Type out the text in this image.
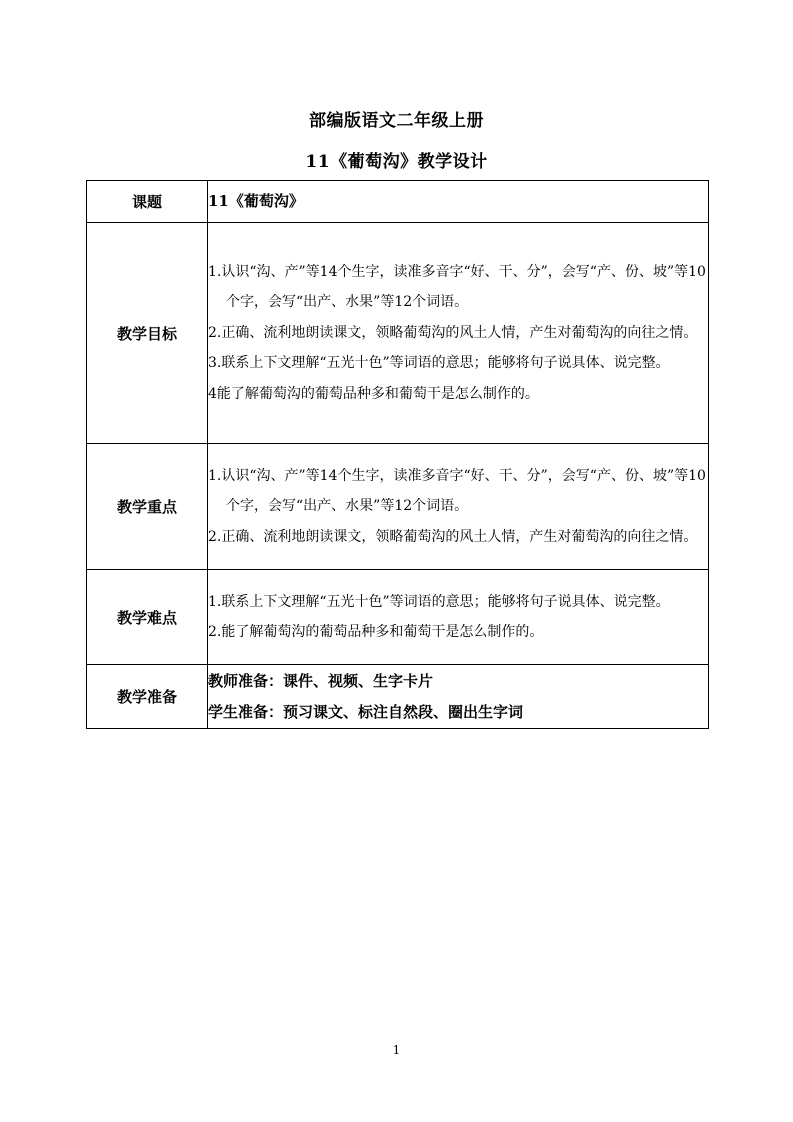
部编版语文二年级上册
11《葡萄沟》教学设计
课题	11《葡萄沟》
教学目标	1.认识“沟、产”等14个生字，读准多音字“好、干、分”，会写“产、份、坡”等10个字，会写“出产、水果”等12个词语。
2.正确、流利地朗读课文，领略葡萄沟的风土人情，产生对葡萄沟的向往之情。
3.联系上下文理解“五光十色”等词语的意思；能够将句子说具体、说完整。
4能了解葡萄沟的葡萄品种多和葡萄干是怎么制作的。

教学重点	1.认识“沟、产”等14个生字，读准多音字“好、干、分”，会写“产、份、坡”等10个字，会写“出产、水果”等12个词语。
2.正确、流利地朗读课文，领略葡萄沟的风土人情，产生对葡萄沟的向往之情。

教学难点	1.联系上下文理解“五光十色”等词语的意思；能够将句子说具体、说完整。
2.能了解葡萄沟的葡萄品种多和葡萄干是怎么制作的。

教学准备	教师准备：课件、视频、生字卡片
学生准备：预习课文、标注自然段、圈出生字词
1
